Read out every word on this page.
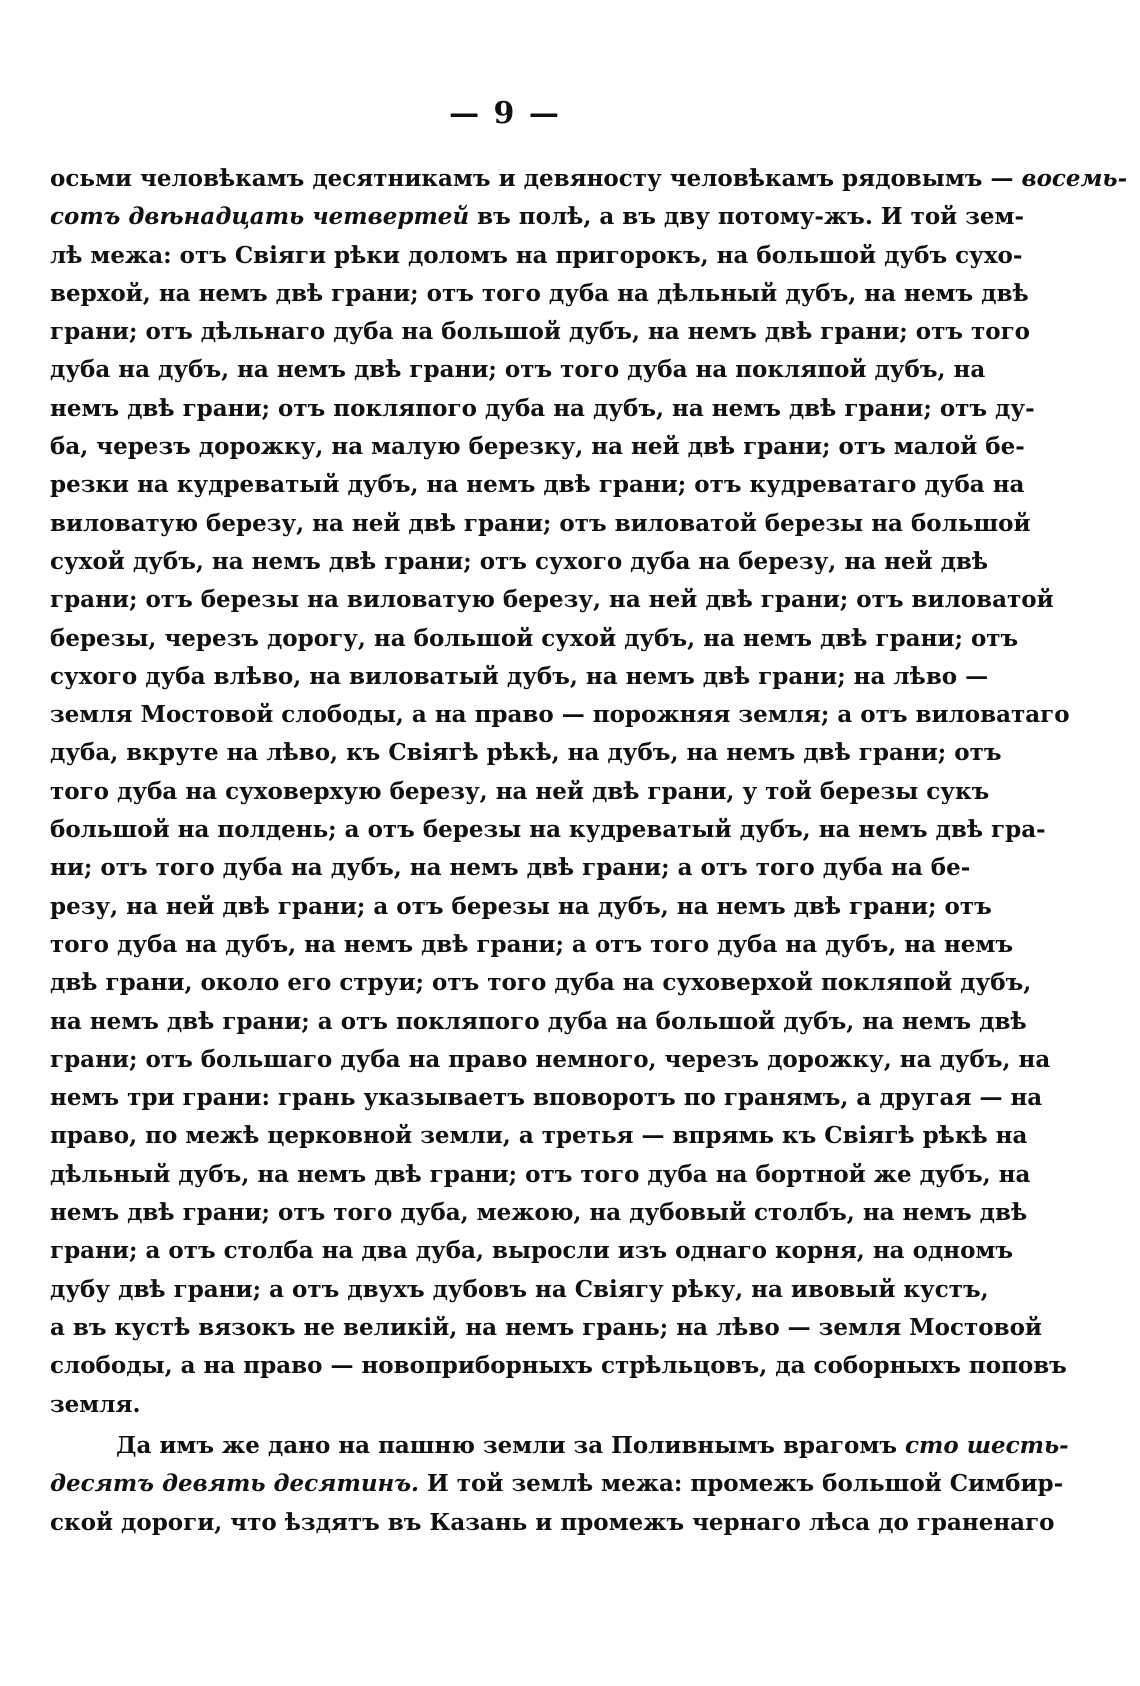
— 9 —
осьми человѣкамъ десятникамъ и девяносту человѣкамъ рядовымъ — восемь-
сотъ двѣнадцать четвертей въ полѣ, а въ дву потому-жъ. И той зем-
лѣ межа: отъ Свіяги рѣки доломъ на пригорокъ, на большой дубъ сухо-
верхой, на немъ двѣ грани; отъ того дуба на дѣльный дубъ, на немъ двѣ
грани; отъ дѣльнаго дуба на большой дубъ, на немъ двѣ грани; отъ того
дуба на дубъ, на немъ двѣ грани; отъ того дуба на покляпой дубъ, на
немъ двѣ грани; отъ покляпого дуба на дубъ, на немъ двѣ грани; отъ ду-
ба, черезъ дорожку, на малую березку, на ней двѣ грани; отъ малой бе-
резки на кудреватый дубъ, на немъ двѣ грани; отъ кудреватаго дуба на
виловатую березу, на ней двѣ грани; отъ виловатой березы на большой
сухой дубъ, на немъ двѣ грани; отъ сухого дуба на березу, на ней двѣ
грани; отъ березы на виловатую березу, на ней двѣ грани; отъ виловатой
березы, черезъ дорогу, на большой сухой дубъ, на немъ двѣ грани; отъ
сухого дуба влѣво, на виловатый дубъ, на немъ двѣ грани; на лѣво —
земля Мостовой слободы, а на право — порожняя земля; а отъ виловатаго
дуба, вкруте на лѣво, къ Свіягѣ рѣкѣ, на дубъ, на немъ двѣ грани; отъ
того дуба на суховерхую березу, на ней двѣ грани, у той березы сукъ
большой на полдень; а отъ березы на кудреватый дубъ, на немъ двѣ гра-
ни; отъ того дуба на дубъ, на немъ двѣ грани; а отъ того дуба на бе-
резу, на ней двѣ грани; а отъ березы на дубъ, на немъ двѣ грани; отъ
того дуба на дубъ, на немъ двѣ грани; а отъ того дуба на дубъ, на немъ
двѣ грани, около его струи; отъ того дуба на суховерхой покляпой дубъ,
на немъ двѣ грани; а отъ покляпого дуба на большой дубъ, на немъ двѣ
грани; отъ большаго дуба на право немного, черезъ дорожку, на дубъ, на
немъ три грани: грань указываетъ вповоротъ по гранямъ, а другая — на
право, по межѣ церковной земли, а третья — впрямь къ Свіягѣ рѣкѣ на
дѣльный дубъ, на немъ двѣ грани; отъ того дуба на бортной же дубъ, на
немъ двѣ грани; отъ того дуба, межою, на дубовый столбъ, на немъ двѣ
грани; а отъ столба на два дуба, выросли изъ однаго корня, на одномъ
дубу двѣ грани; а отъ двухъ дубовъ на Свіягу рѣку, на ивовый кустъ,
а въ кустѣ вязокъ не великій, на немъ грань; на лѣво — земля Мостовой
слободы, а на право — новоприборныхъ стрѣльцовъ, да соборныхъ поповъ
земля.
Да имъ же дано на пашню земли за Поливнымъ врагомъ сто шесть-
десятъ девять десятинъ. И той землѣ межа: промежъ большой Симбир-
ской дороги, что ѣздятъ въ Казань и промежъ чернаго лѣса до граненаго
